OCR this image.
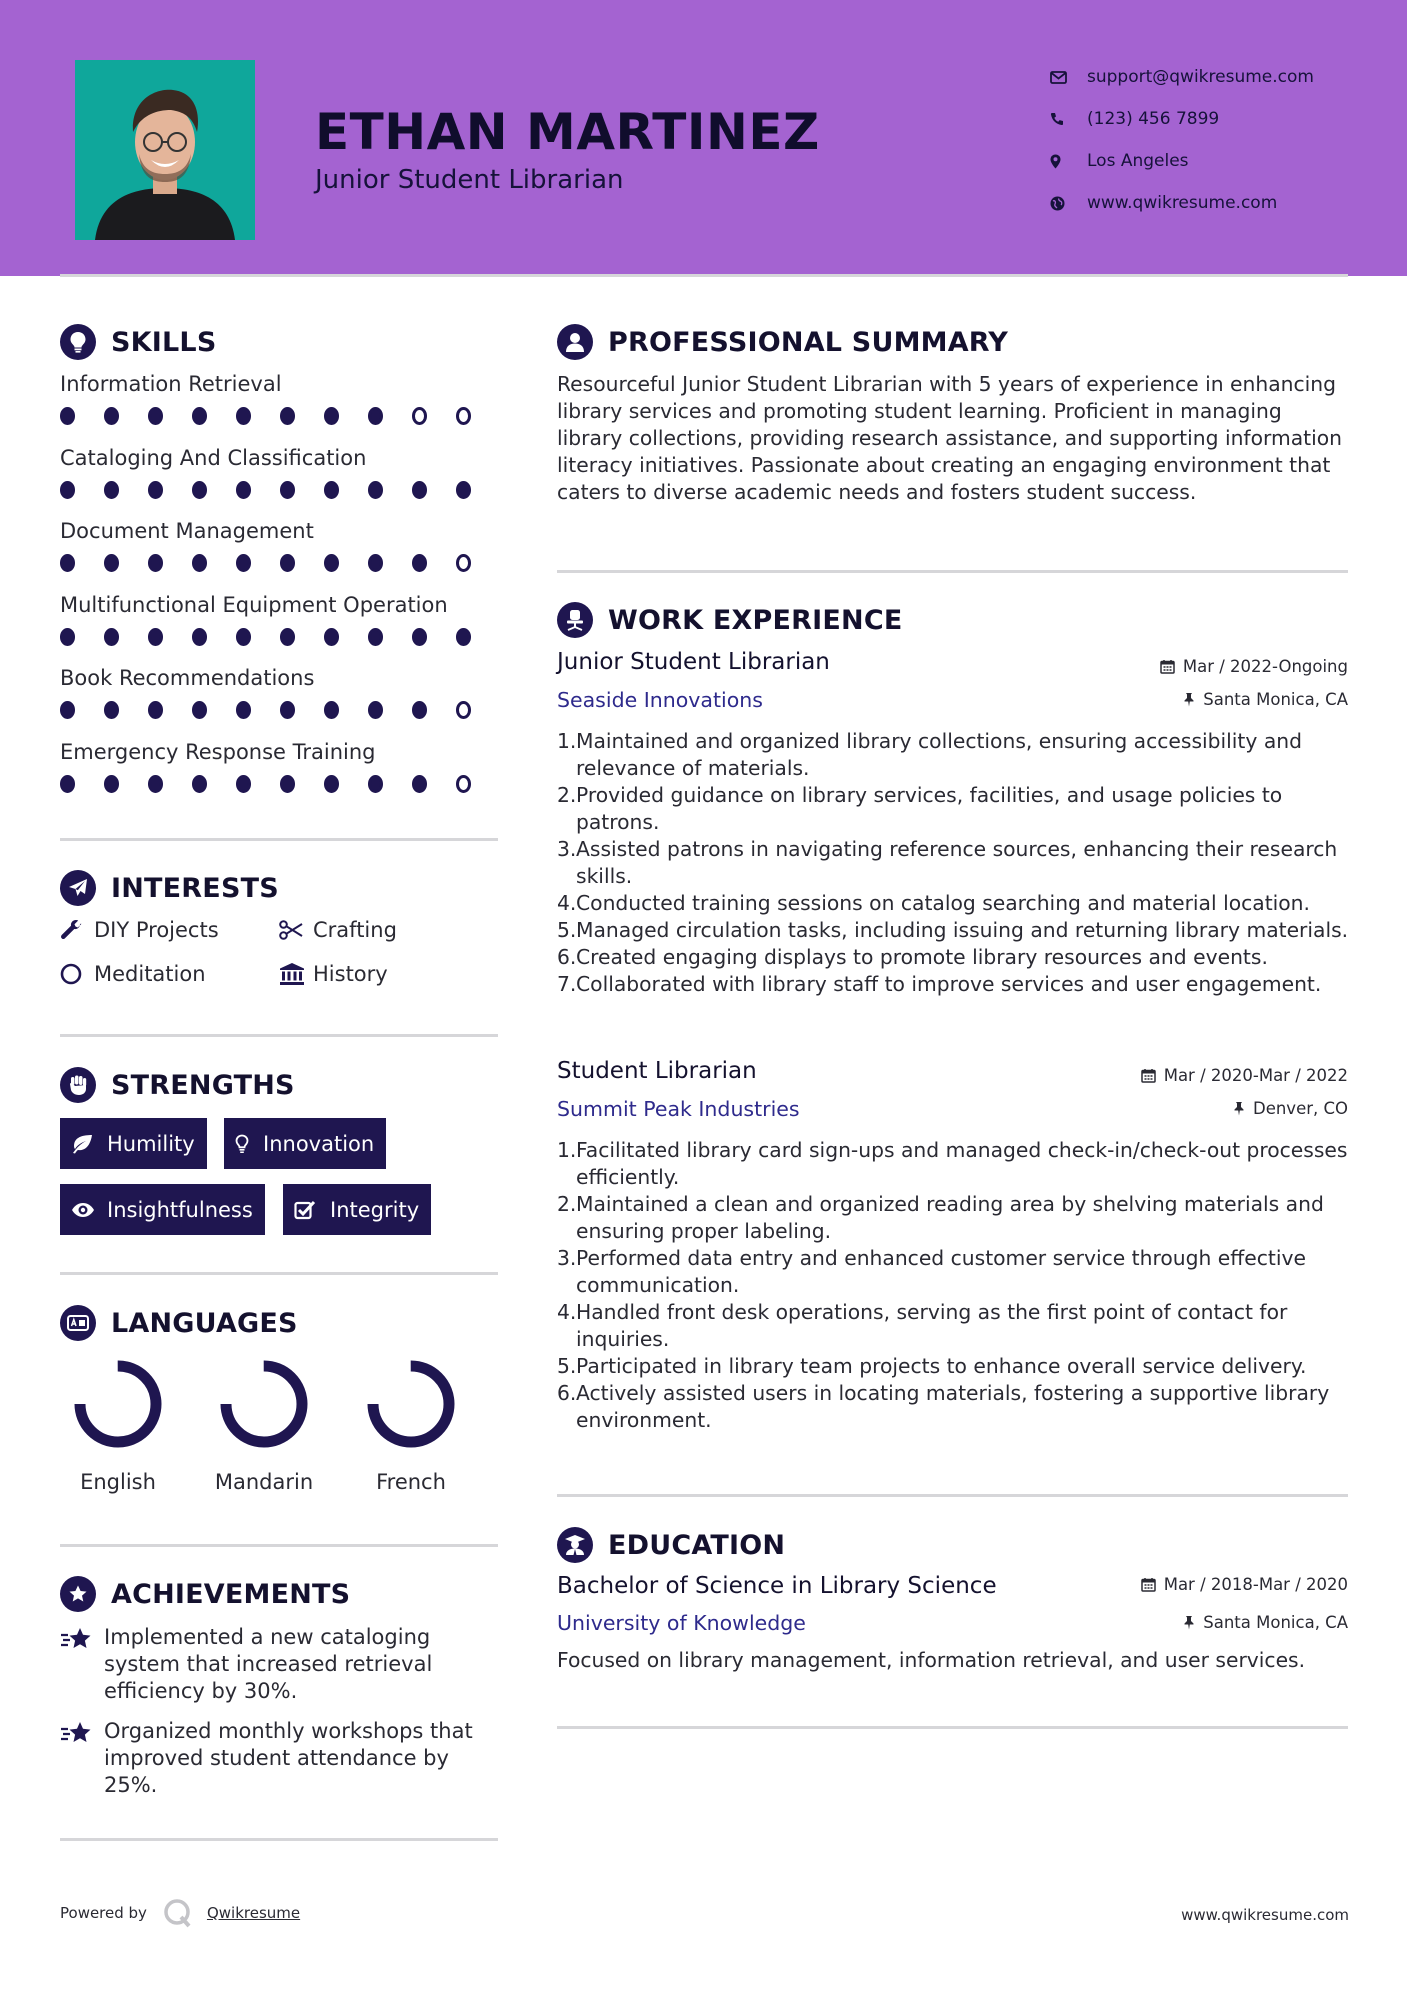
ETHAN MARTINEZ
Junior Student Librarian
support@qwikresume.com
(123) 456 7899
Los Angeles
www.qwikresume.com
SKILLS
Information Retrieval
Cataloging And Classification
Document Management
Multifunctional Equipment Operation
Book Recommendations
Emergency Response Training
INTERESTS
DIY Projects	Crafting
Meditation	History
STRENGTHS
Humility	Innovation
Insightfulness	Integrity
LANGUAGES
English	Mandarin	French
ACHIEVEMENTS
Implemented a new cataloging system that increased retrieval efficiency by 30%.
Organized monthly workshops that improved student attendance by 25%.
PROFESSIONAL SUMMARY
Resourceful Junior Student Librarian with 5 years of experience in enhancing library services and promoting student learning. Proficient in managing library collections, providing research assistance, and supporting information literacy initiatives. Passionate about creating an engaging environment that caters to diverse academic needs and fosters student success.
WORK EXPERIENCE
Junior Student Librarian	Mar / 2022-Ongoing
Seaside Innovations	Santa Monica, CA
1. Maintained and organized library collections, ensuring accessibility and relevance of materials.
2. Provided guidance on library services, facilities, and usage policies to patrons.
3. Assisted patrons in navigating reference sources, enhancing their research skills.
4. Conducted training sessions on catalog searching and material location.
5. Managed circulation tasks, including issuing and returning library materials.
6. Created engaging displays to promote library resources and events.
7. Collaborated with library staff to improve services and user engagement.
Student Librarian	Mar / 2020-Mar / 2022
Summit Peak Industries	Denver, CO
1. Facilitated library card sign-ups and managed check-in/check-out processes efficiently.
2. Maintained a clean and organized reading area by shelving materials and ensuring proper labeling.
3. Performed data entry and enhanced customer service through effective communication.
4. Handled front desk operations, serving as the first point of contact for inquiries.
5. Participated in library team projects to enhance overall service delivery.
6. Actively assisted users in locating materials, fostering a supportive library environment.
EDUCATION
Bachelor of Science in Library Science	Mar / 2018-Mar / 2020
University of Knowledge	Santa Monica, CA
Focused on library management, information retrieval, and user services.
Powered by	Qwikresume	www.qwikresume.com
